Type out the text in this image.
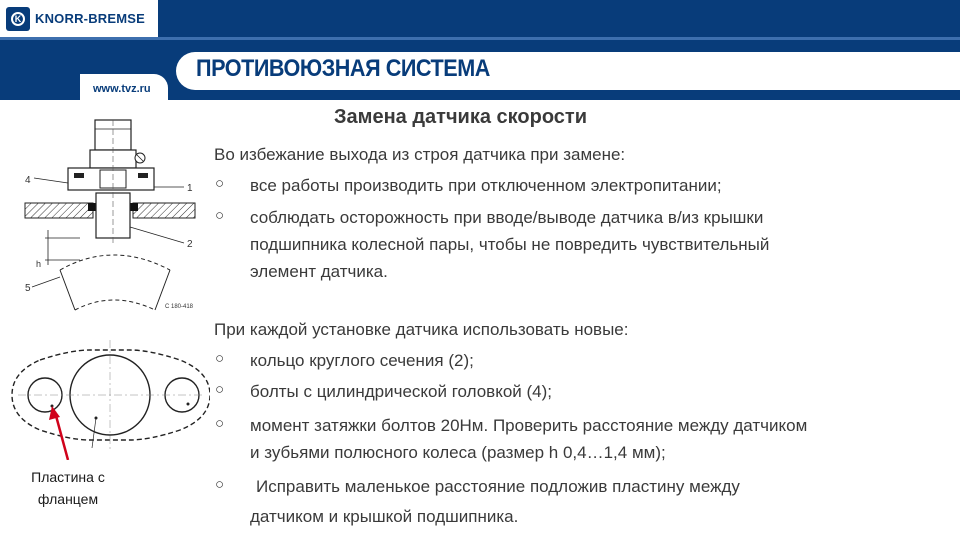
K KNORR-BREMSE
www.tvz.ru
ПРОТИВОЮЗНАЯ СИСТЕМА
Замена датчика скорости
Во избежание выхода из строя датчика при замене:
○ все работы производить при отключенном электропитании;
○ соблюдать осторожность при вводе/выводе датчика в/из крышки
подшипника колесной пары, чтобы не повредить чувствительный
элемент датчика.
При каждой установке датчика использовать новые:
○ кольцо круглого сечения (2);
○ болты с цилиндрической головкой (4);
○ момент затяжки болтов 20Нм. Проверить расстояние между датчиком
и зубьями полюсного колеса (размер h 0,4…1,4 мм);
○ Исправить маленькое расстояние подложив пластину между
датчиком и крышкой подшипника.
4
1
2
h
5
C 180-418
Пластина с
фланцем
